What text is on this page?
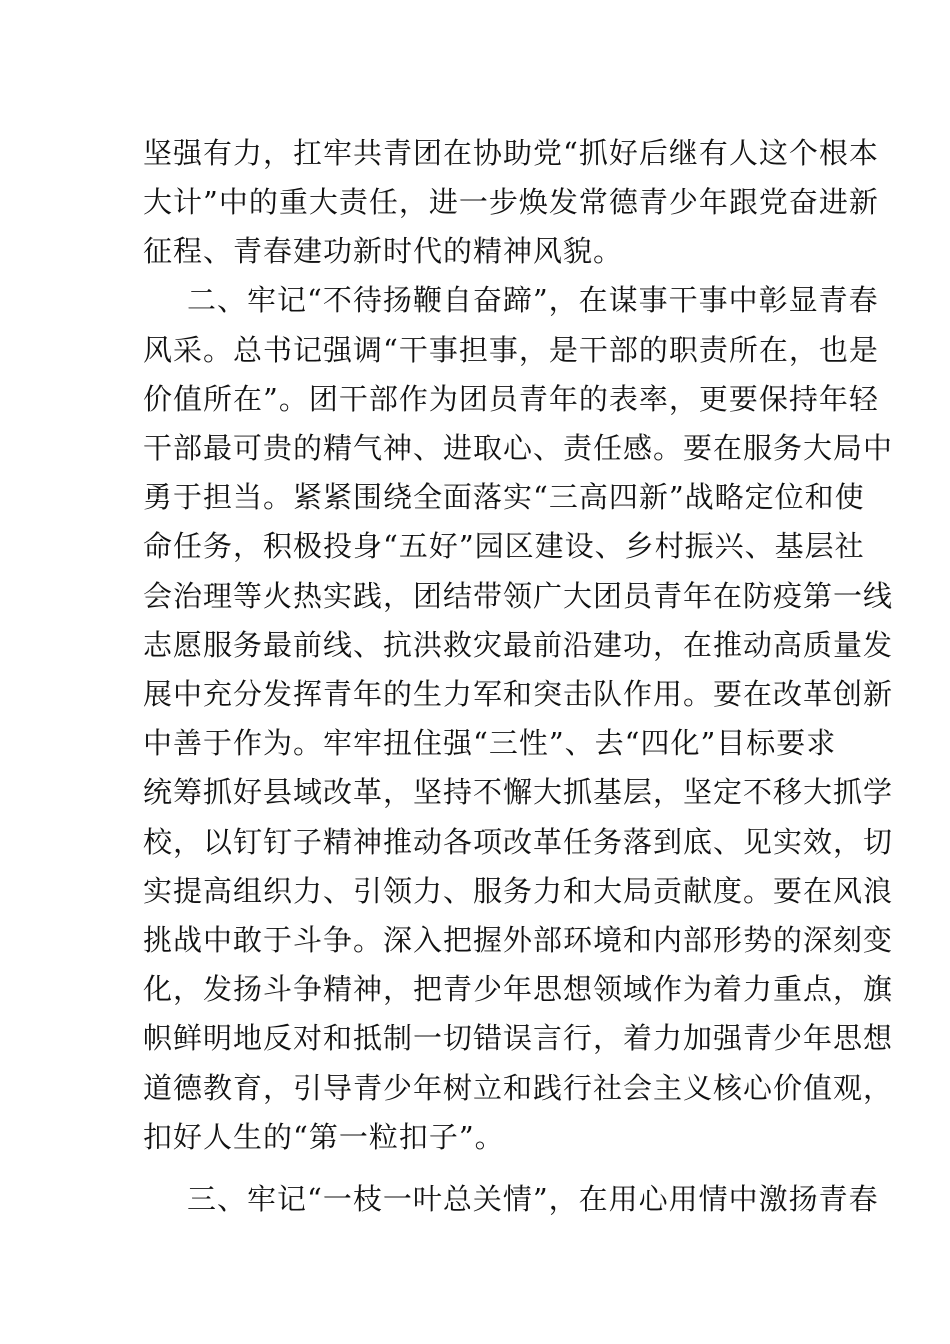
坚强有力，扛牢共青团在协助党“抓好后继有人这个根本
大计”中的重大责任，进一步焕发常德青少年跟党奋进新
征程、青春建功新时代的精神风貌。
二、牢记“不待扬鞭自奋蹄”，在谋事干事中彰显青春
风采。总书记强调“干事担事，是干部的职责所在，也是
价值所在”。团干部作为团员青年的表率，更要保持年轻
干部最可贵的精气神、进取心、责任感。要在服务大局中
勇于担当。紧紧围绕全面落实“三高四新”战略定位和使
命任务，积极投身“五好”园区建设、乡村振兴、基层社
会治理等火热实践，团结带领广大团员青年在防疫第一线
志愿服务最前线、抗洪救灾最前沿建功，在推动高质量发
展中充分发挥青年的生力军和突击队作用。要在改革创新
中善于作为。牢牢扭住强“三性”、去“四化”目标要求
统筹抓好县域改革，坚持不懈大抓基层，坚定不移大抓学
校，以钉钉子精神推动各项改革任务落到底、见实效，切
实提高组织力、引领力、服务力和大局贡献度。要在风浪
挑战中敢于斗争。深入把握外部环境和内部形势的深刻变
化，发扬斗争精神，把青少年思想领域作为着力重点，旗
帜鲜明地反对和抵制一切错误言行，着力加强青少年思想
道德教育，引导青少年树立和践行社会主义核心价值观，
扣好人生的“第一粒扣子”。
三、牢记“一枝一叶总关情”，在用心用情中激扬青春
